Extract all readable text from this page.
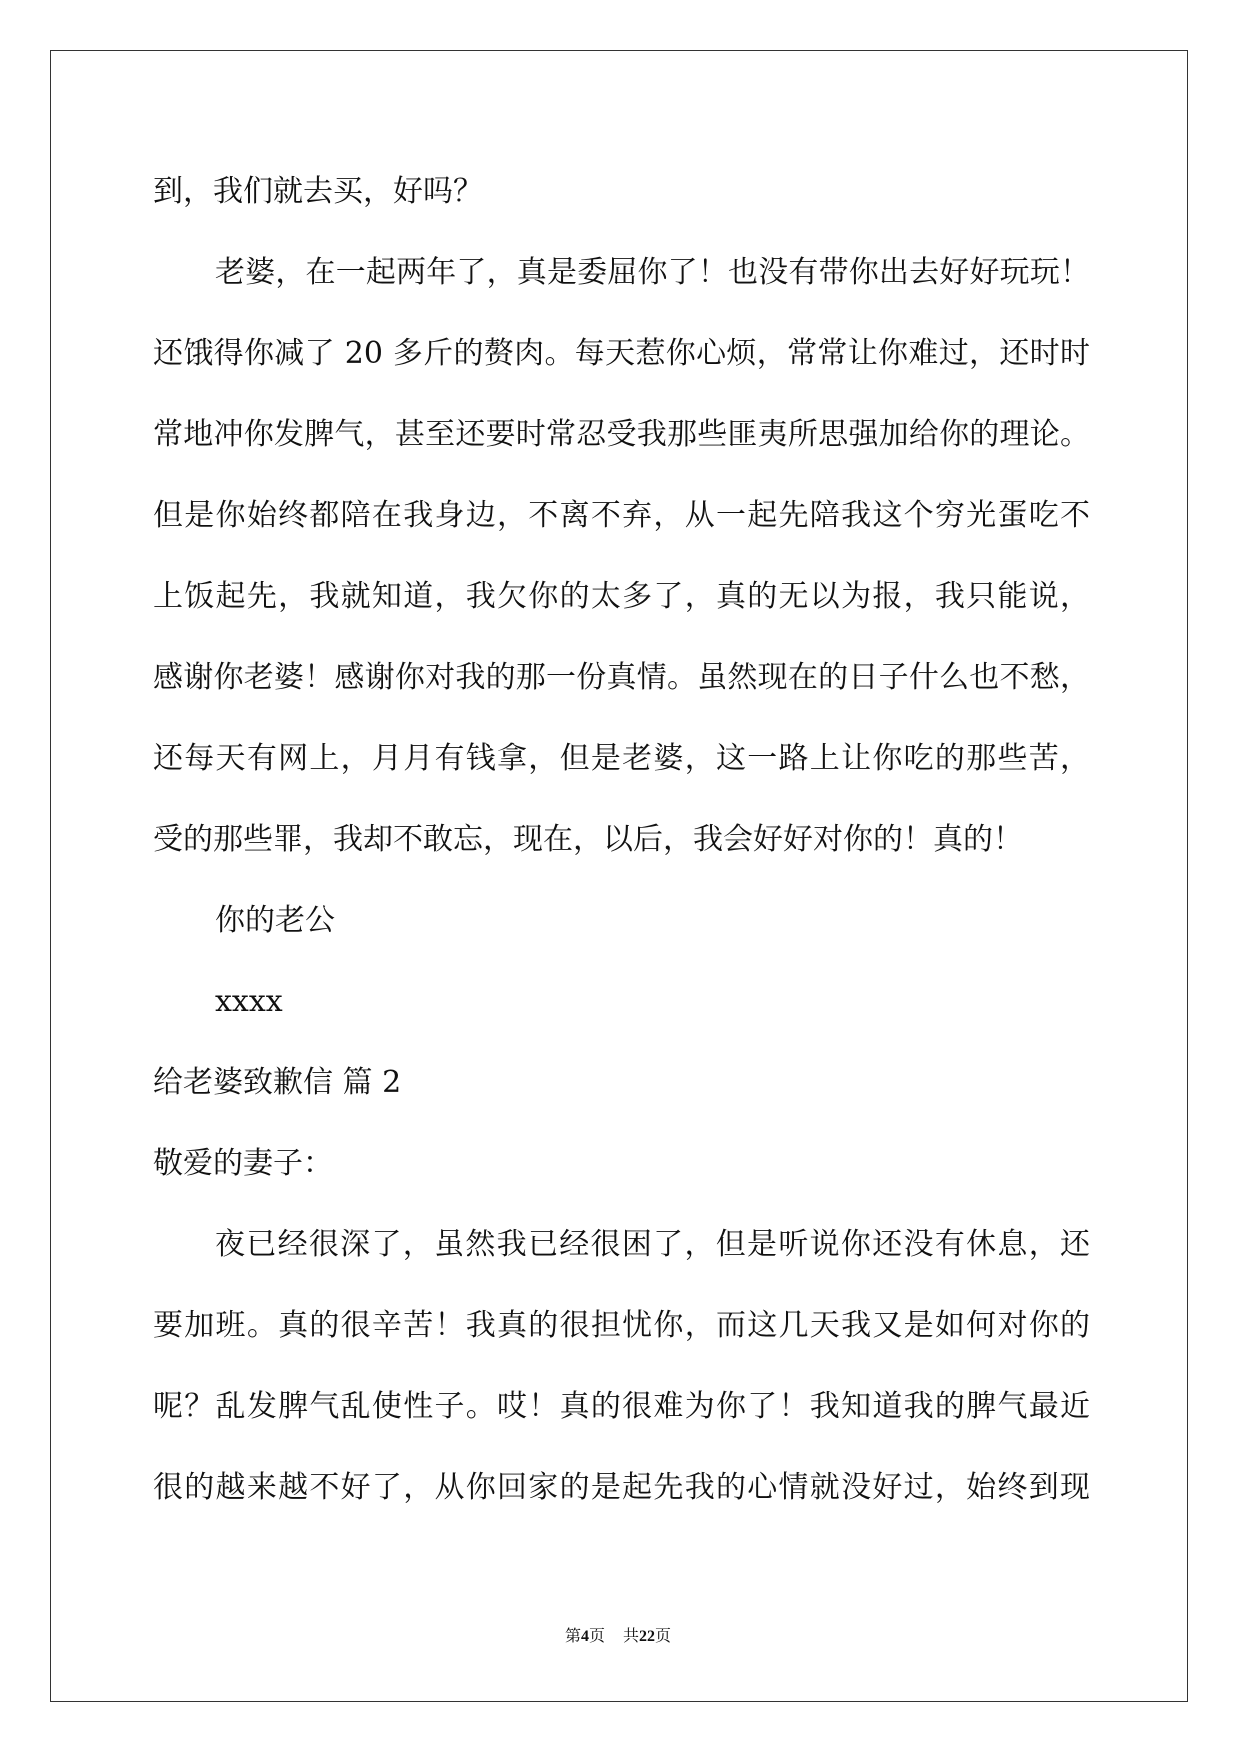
到，我们就去买，好吗？
老婆，在一起两年了，真是委屈你了！也没有带你出去好好玩玩！
还饿得你减了 20 多斤的赘肉。每天惹你心烦，常常让你难过，还时时
常地冲你发脾气，甚至还要时常忍受我那些匪夷所思强加给你的理论。
但是你始终都陪在我身边，不离不弃，从一起先陪我这个穷光蛋吃不
上饭起先，我就知道，我欠你的太多了，真的无以为报，我只能说，
感谢你老婆！感谢你对我的那一份真情。虽然现在的日子什么也不愁，
还每天有网上，月月有钱拿，但是老婆，这一路上让你吃的那些苦，
受的那些罪，我却不敢忘，现在，以后，我会好好对你的！真的！
你的老公
xxxx
给老婆致歉信 篇 2
敬爱的妻子：
夜已经很深了，虽然我已经很困了，但是听说你还没有休息，还
要加班。真的很辛苦！我真的很担忧你，而这几天我又是如何对你的
呢？乱发脾气乱使性子。哎！真的很难为你了！我知道我的脾气最近
很的越来越不好了，从你回家的是起先我的心情就没好过，始终到现
第4页 共22页
